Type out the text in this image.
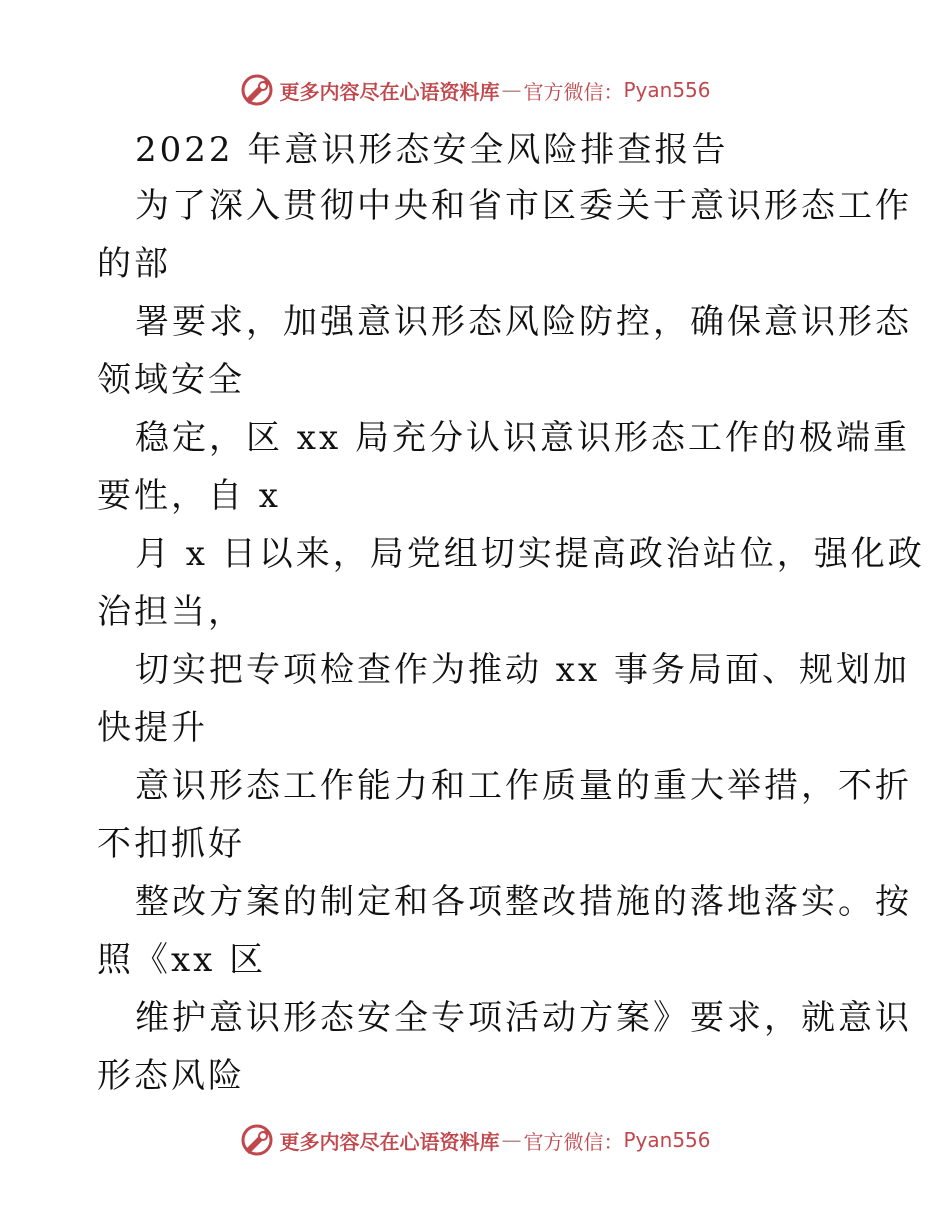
更多内容尽在心语资料库 — 官方微信： Pyan556
2022 年意识形态安全风险排查报告
为了深入贯彻中央和省市区委关于意识形态工作
的部
署要求，加强意识形态风险防控，确保意识形态
领域安全
稳定，区 xx 局充分认识意识形态工作的极端重
要性，自 x
月 x 日以来，局党组切实提高政治站位，强化政
治担当，
切实把专项检查作为推动 xx 事务局面、规划加
快提升
意识形态工作能力和工作质量的重大举措，不折
不扣抓好
整改方案的制定和各项整改措施的落地落实。按
照《xx 区
维护意识形态安全专项活动方案》要求，就意识
形态风险
更多内容尽在心语资料库 — 官方微信： Pyan556
